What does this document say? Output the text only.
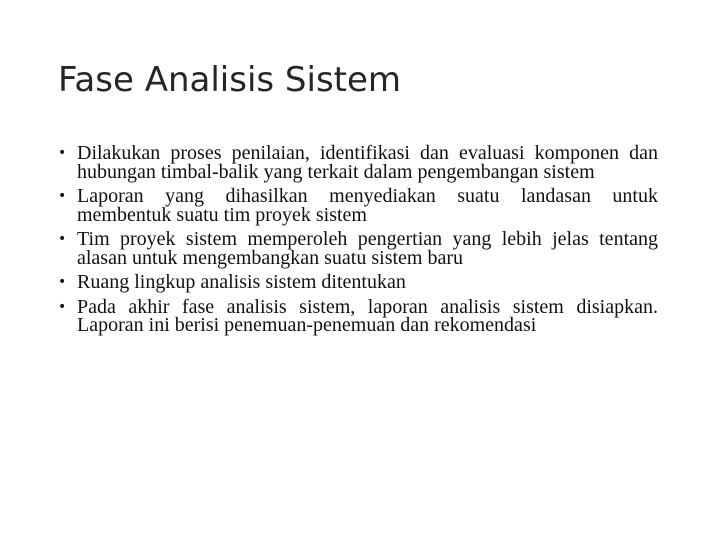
Fase Analisis Sistem
• Dilakukan proses penilaian, identifikasi dan evaluasi komponen dan hubungan timbal-balik yang terkait dalam pengembangan sistem
• Laporan yang dihasilkan menyediakan suatu landasan untuk membentuk suatu tim proyek sistem
• Tim proyek sistem memperoleh pengertian yang lebih jelas tentang alasan untuk mengembangkan suatu sistem baru
• Ruang lingkup analisis sistem ditentukan
• Pada akhir fase analisis sistem, laporan analisis sistem disiapkan. Laporan ini berisi penemuan-penemuan dan rekomendasi
